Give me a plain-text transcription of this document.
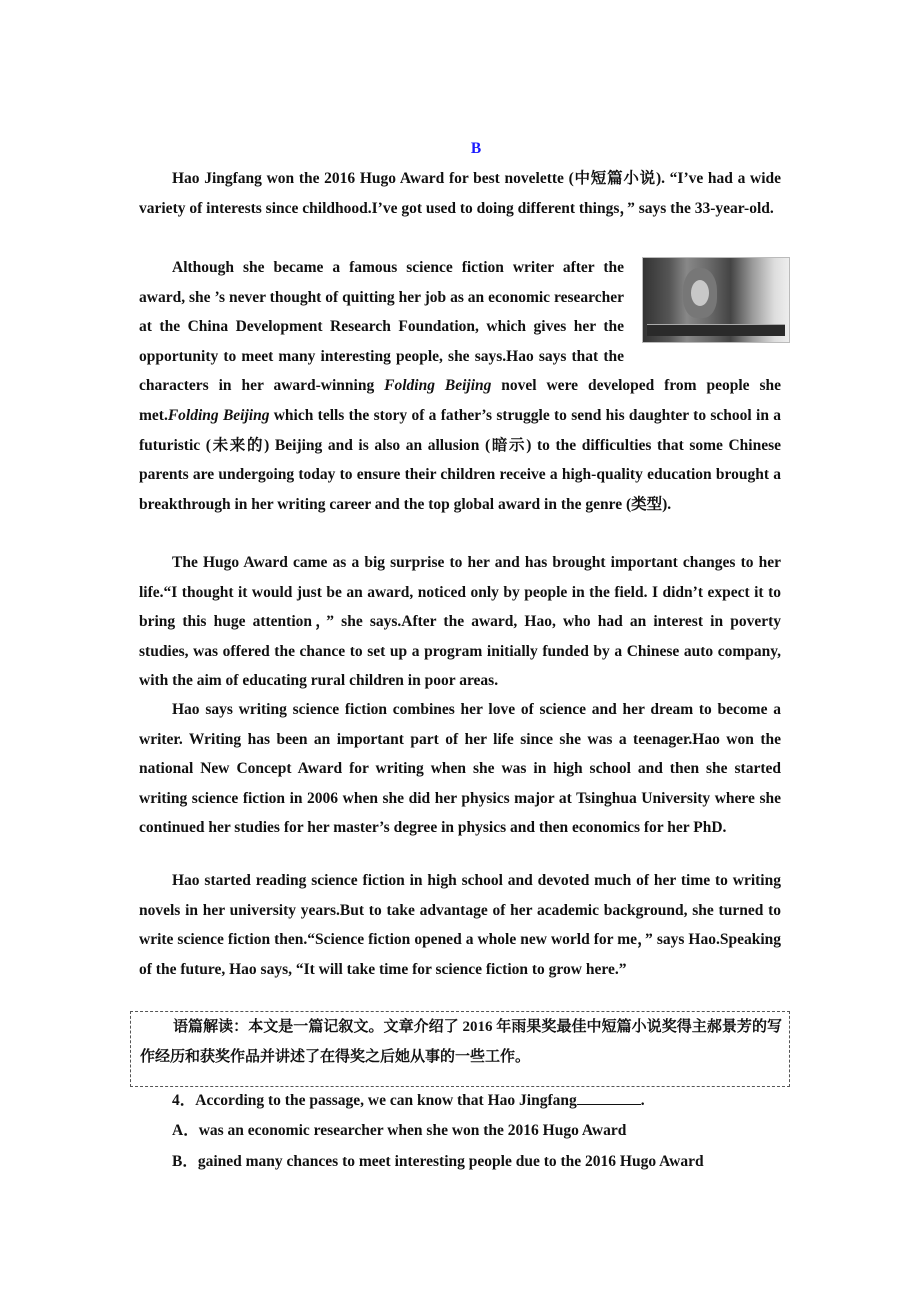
B

Hao Jingfang won the 2016 Hugo Award for best novelette (中短篇小说). “I’ve had a wide variety of interests since childhood.I’ve got used to doing different things，” says the 33-year-old.

Although she became a famous science fiction writer after the award, she ’s never thought of quitting her job as an economic researcher at the China Development Research Foundation, which gives her the opportunity to meet many interesting people, she says.Hao says that the characters in her award-winning Folding Beijing novel were developed from people she met.Folding Beijing which tells the story of a father’s struggle to send his daughter to school in a futuristic (未来的) Beijing and is also an allusion (暗示) to the difficulties that some Chinese parents are undergoing today to ensure their children receive a high-quality education brought a breakthrough in her writing career and the top global award in the genre (类型).

The Hugo Award came as a big surprise to her and has brought important changes to her life.“I thought it would just be an award, noticed only by people in the field. I didn’t expect it to bring this huge attention，” she says.After the award, Hao, who had an interest in poverty studies, was offered the chance to set up a program initially funded by a Chinese auto company, with the aim of educating rural children in poor areas.

Hao says writing science fiction combines her love of science and her dream to become a writer. Writing has been an important part of her life since she was a teenager.Hao won the national New Concept Award for writing when she was in high school and then she started writing science fiction in 2006 when she did her physics major at Tsinghua University where she continued her studies for her master’s degree in physics and then economics for her PhD.

Hao started reading science fiction in high school and devoted much of her time to writing novels in her university years.But to take advantage of her academic background, she turned to write science fiction then.“Science fiction opened a whole new world for me，” says Hao.Speaking of the future, Hao says, “It will take time for science fiction to grow here.”

语篇解读：本文是一篇记叙文。文章介绍了 2016 年雨果奖最佳中短篇小说奖得主郝景芳的写作经历和获奖作品并讲述了在得奖之后她从事的一些工作。
4．According to the passage, we can know that Hao Jingfang	.
A．was an economic researcher when she won the 2016 Hugo Award
B．gained many chances to meet interesting people due to the 2016 Hugo Award
